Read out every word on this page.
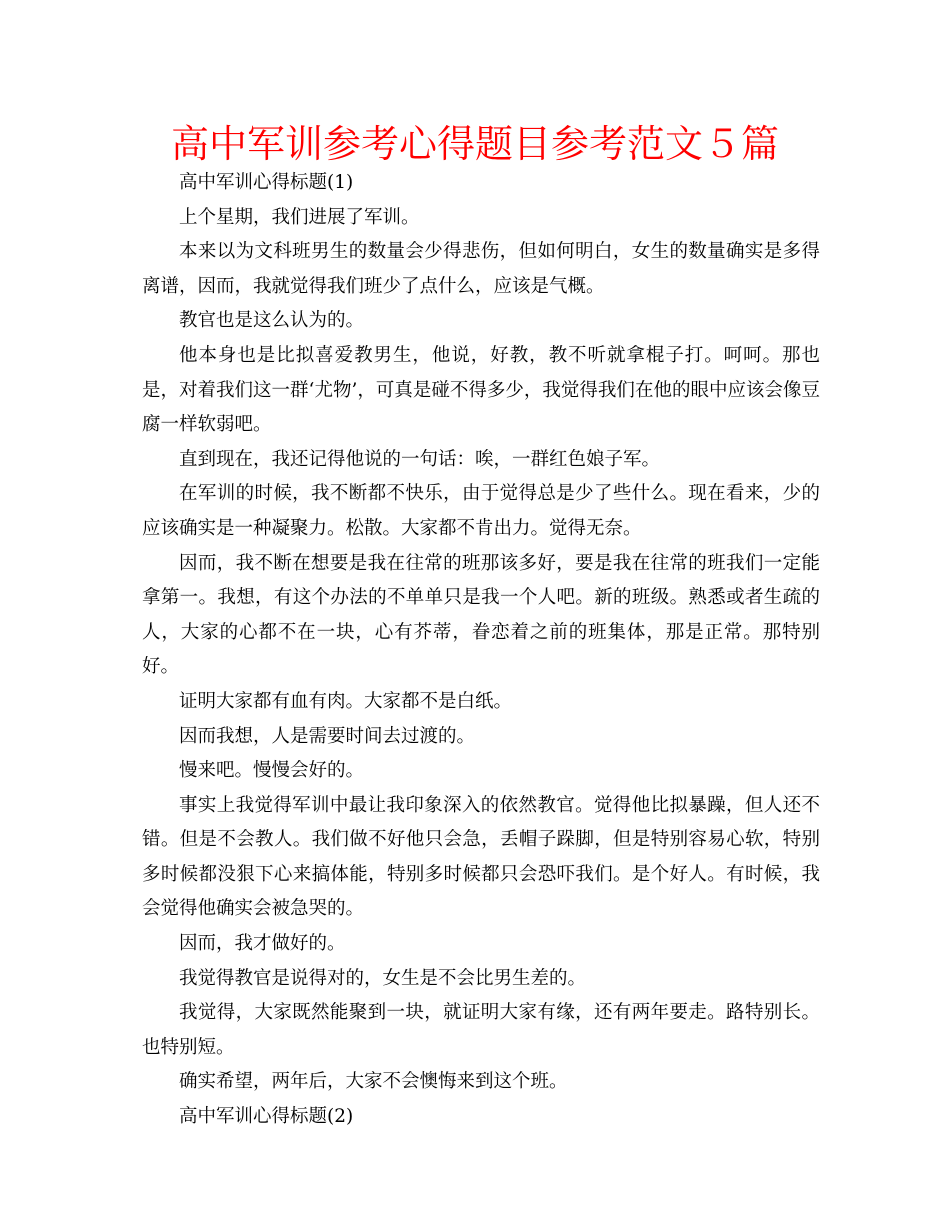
高中军训参考心得题目参考范文５篇

高中军训心得标题(1)

上个星期，我们进展了军训。

本来以为文科班男生的数量会少得悲伤，但如何明白，女生的数量确实是多得离谱，因而，我就觉得我们班少了点什么，应该是气概。

教官也是这么认为的。

他本身也是比拟喜爱教男生，他说，好教，教不听就拿棍子打。呵呵。那也是，对着我们这一群‘尤物’，可真是碰不得多少，我觉得我们在他的眼中应该会像豆腐一样软弱吧。

直到现在，我还记得他说的一句话：唉，一群红色娘子军。

在军训的时候，我不断都不快乐，由于觉得总是少了些什么。现在看来，少的应该确实是一种凝聚力。松散。大家都不肯出力。觉得无奈。

因而，我不断在想要是我在往常的班那该多好，要是我在往常的班我们一定能拿第一。我想，有这个办法的不单单只是我一个人吧。新的班级。熟悉或者生疏的人，大家的心都不在一块，心有芥蒂，眷恋着之前的班集体，那是正常。那特别好。

证明大家都有血有肉。大家都不是白纸。

因而我想，人是需要时间去过渡的。

慢来吧。慢慢会好的。

事实上我觉得军训中最让我印象深入的依然教官。觉得他比拟暴躁，但人还不错。但是不会教人。我们做不好他只会急，丢帽子跺脚，但是特别容易心软，特别多时候都没狠下心来搞体能，特别多时候都只会恐吓我们。是个好人。有时候，我会觉得他确实会被急哭的。

因而，我才做好的。

我觉得教官是说得对的，女生是不会比男生差的。

我觉得，大家既然能聚到一块，就证明大家有缘，还有两年要走。路特别长。也特别短。

确实希望，两年后，大家不会懊悔来到这个班。

高中军训心得标题(2)
